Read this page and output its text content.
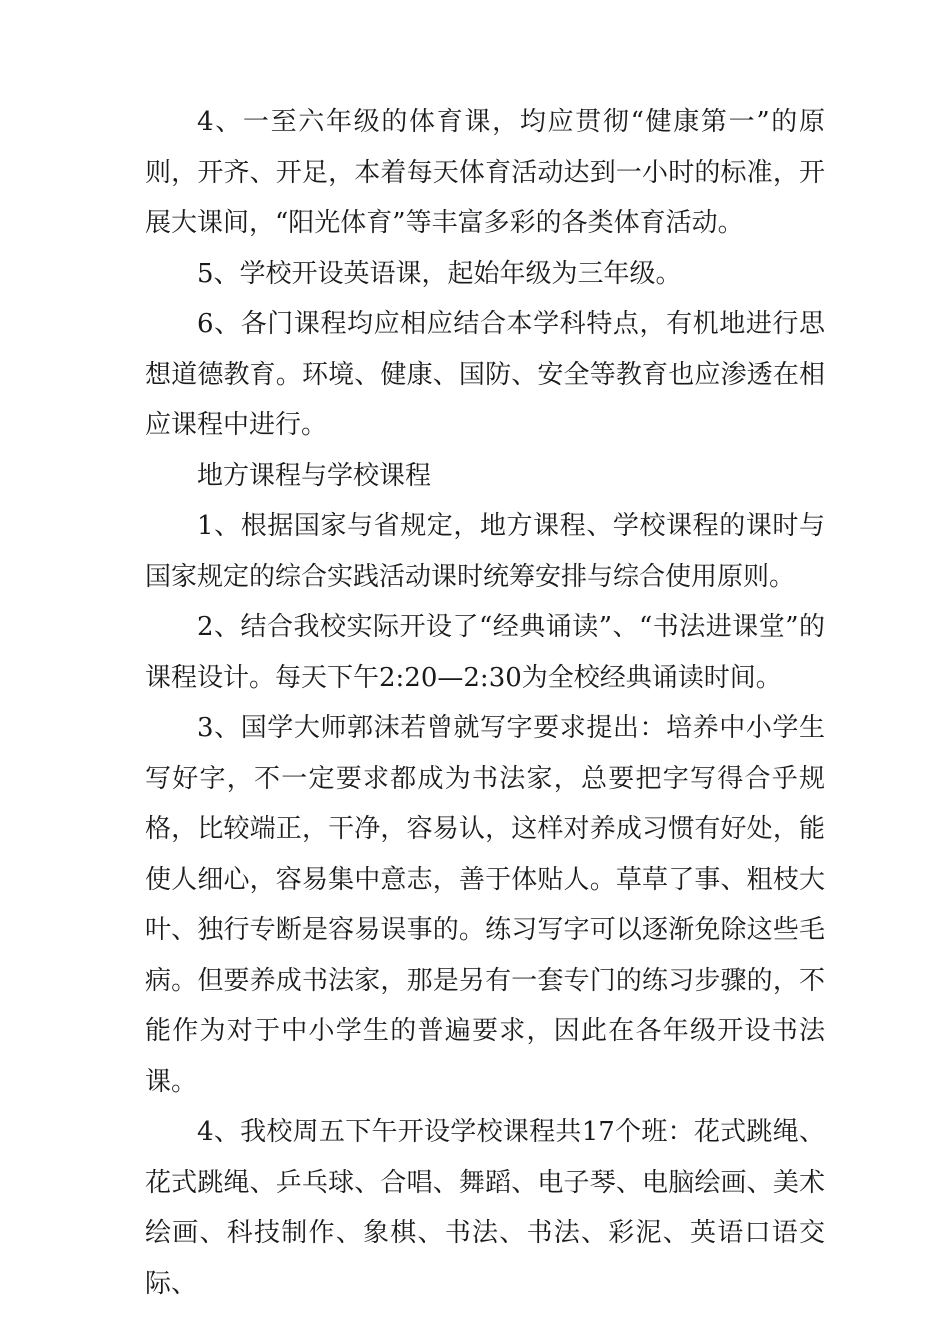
4、一至六年级的体育课，均应贯彻“健康第一”的原则，开齐、开足，本着每天体育活动达到一小时的标准，开展大课间，“阳光体育”等丰富多彩的各类体育活动。

5、学校开设英语课，起始年级为三年级。

6、各门课程均应相应结合本学科特点，有机地进行思想道德教育。环境、健康、国防、安全等教育也应渗透在相应课程中进行。

地方课程与学校课程

1、根据国家与省规定，地方课程、学校课程的课时与国家规定的综合实践活动课时统筹安排与综合使用原则。

2、结合我校实际开设了“经典诵读”、“书法进课堂”的课程设计。每天下午2:20—2:30为全校经典诵读时间。

3、国学大师郭沫若曾就写字要求提出：培养中小学生写好字，不一定要求都成为书法家，总要把字写得合乎规格，比较端正，干净，容易认，这样对养成习惯有好处，能使人细心，容易集中意志，善于体贴人。草草了事、粗枝大叶、独行专断是容易误事的。练习写字可以逐渐免除这些毛病。但要养成书法家，那是另有一套专门的练习步骤的，不能作为对于中小学生的普遍要求，因此在各年级开设书法课。

4、我校周五下午开设学校课程共17个班：花式跳绳、花式跳绳、乒乓球、合唱、舞蹈、电子琴、电脑绘画、美术绘画、科技制作、象棋、书法、书法、彩泥、英语口语交际、
